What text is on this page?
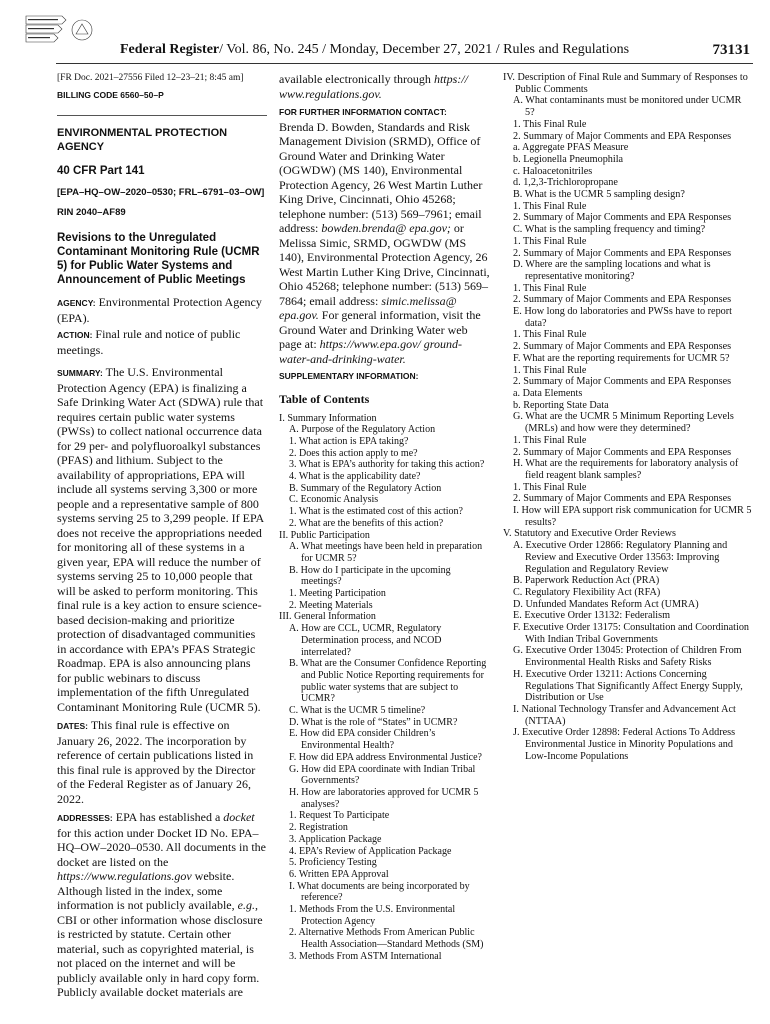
Federal Register/ Vol. 86, No. 245 / Monday, December 27, 2021 / Rules and Regulations	73131

[FR Doc. 2021–27556 Filed 12–23–21; 8:45 am]

BILLING CODE 6560–50–P

ENVIRONMENTAL PROTECTION AGENCY

40 CFR Part 141

[EPA–HQ–OW–2020–0530; FRL–6791–03–OW]

RIN 2040–AF89

Revisions to the Unregulated Contaminant Monitoring Rule (UCMR 5) for Public Water Systems and Announcement of Public Meetings

AGENCY: Environmental Protection Agency (EPA).

ACTION: Final rule and notice of public meetings.

SUMMARY: The U.S. Environmental Protection Agency (EPA) is finalizing a Safe Drinking Water Act (SDWA) rule that requires certain public water systems (PWSs) to collect national occurrence data for 29 per- and polyfluoroalkyl substances (PFAS) and lithium. Subject to the availability of appropriations, EPA will include all systems serving 3,300 or more people and a representative sample of 800 systems serving 25 to 3,299 people. If EPA does not receive the appropriations needed for monitoring all of these systems in a given year, EPA will reduce the number of systems serving 25 to 10,000 people that will be asked to perform monitoring. This final rule is a key action to ensure science-based decision-making and prioritize protection of disadvantaged communities in accordance with EPA’s PFAS Strategic Roadmap. EPA is also announcing plans for public webinars to discuss implementation of the fifth Unregulated Contaminant Monitoring Rule (UCMR 5).

DATES: This final rule is effective on January 26, 2022. The incorporation by reference of certain publications listed in this final rule is approved by the Director of the Federal Register as of January 26, 2022.

ADDRESSES: EPA has established a docket for this action under Docket ID No. EPA–HQ–OW–2020–0530. All documents in the docket are listed on the https://www.regulations.gov website. Although listed in the index, some information is not publicly available, e.g., CBI or other information whose disclosure is restricted by statute. Certain other material, such as copyrighted material, is not placed on the internet and will be publicly available only in hard copy form. Publicly available docket materials are

available electronically through https:// www.regulations.gov.

FOR FURTHER INFORMATION CONTACT:
Brenda D. Bowden, Standards and Risk Management Division (SRMD), Office of Ground Water and Drinking Water (OGWDW) (MS 140), Environmental Protection Agency, 26 West Martin Luther King Drive, Cincinnati, Ohio 45268; telephone number: (513) 569–7961; email address: bowden.brenda@ epa.gov; or Melissa Simic, SRMD, OGWDW (MS 140), Environmental Protection Agency, 26 West Martin Luther King Drive, Cincinnati, Ohio 45268; telephone number: (513) 569–7864; email address: simic.melissa@ epa.gov. For general information, visit the Ground Water and Drinking Water web page at: https://www.epa.gov/ ground-water-and-drinking-water.

SUPPLEMENTARY INFORMATION:

Table of Contents

I. Summary Information
A. Purpose of the Regulatory Action
1. What action is EPA taking?
2. Does this action apply to me?
3. What is EPA’s authority for taking this action?
4. What is the applicability date?
B. Summary of the Regulatory Action
C. Economic Analysis
1. What is the estimated cost of this action?
2. What are the benefits of this action?
II. Public Participation
A. What meetings have been held in preparation for UCMR 5?
B. How do I participate in the upcoming meetings?
1. Meeting Participation
2. Meeting Materials
III. General Information
A. How are CCL, UCMR, Regulatory Determination process, and NCOD interrelated?
B. What are the Consumer Confidence Reporting and Public Notice Reporting requirements for public water systems that are subject to UCMR?
C. What is the UCMR 5 timeline?
D. What is the role of “States” in UCMR?
E. How did EPA consider Children’s Environmental Health?
F. How did EPA address Environmental Justice?
G. How did EPA coordinate with Indian Tribal Governments?
H. How are laboratories approved for UCMR 5 analyses?
1. Request To Participate
2. Registration
3. Application Package
4. EPA’s Review of Application Package
5. Proficiency Testing
6. Written EPA Approval
I. What documents are being incorporated by reference?
1. Methods From the U.S. Environmental Protection Agency
2. Alternative Methods From American Public Health Association—Standard Methods (SM)
3. Methods From ASTM International
IV. Description of Final Rule and Summary of Responses to Public Comments
A. What contaminants must be monitored under UCMR 5?
1. This Final Rule
2. Summary of Major Comments and EPA Responses
a. Aggregate PFAS Measure
b. Legionella Pneumophila
c. Haloacetonitriles
d. 1,2,3-Trichloropropane
B. What is the UCMR 5 sampling design?
1. This Final Rule
2. Summary of Major Comments and EPA Responses
C. What is the sampling frequency and timing?
1. This Final Rule
2. Summary of Major Comments and EPA Responses
D. Where are the sampling locations and what is representative monitoring?
1. This Final Rule
2. Summary of Major Comments and EPA Responses
E. How long do laboratories and PWSs have to report data?
1. This Final Rule
2. Summary of Major Comments and EPA Responses
F. What are the reporting requirements for UCMR 5?
1. This Final Rule
2. Summary of Major Comments and EPA Responses
a. Data Elements
b. Reporting State Data
G. What are the UCMR 5 Minimum Reporting Levels (MRLs) and how were they determined?
1. This Final Rule
2. Summary of Major Comments and EPA Responses
H. What are the requirements for laboratory analysis of field reagent blank samples?
1. This Final Rule
2. Summary of Major Comments and EPA Responses
I. How will EPA support risk communication for UCMR 5 results?
V. Statutory and Executive Order Reviews
A. Executive Order 12866: Regulatory Planning and Review and Executive Order 13563: Improving Regulation and Regulatory Review
B. Paperwork Reduction Act (PRA)
C. Regulatory Flexibility Act (RFA)
D. Unfunded Mandates Reform Act (UMRA)
E. Executive Order 13132: Federalism
F. Executive Order 13175: Consultation and Coordination With Indian Tribal Governments
G. Executive Order 13045: Protection of Children From Environmental Health Risks and Safety Risks
H. Executive Order 13211: Actions Concerning Regulations That Significantly Affect Energy Supply, Distribution or Use
I. National Technology Transfer and Advancement Act (NTTAA)
J. Executive Order 12898: Federal Actions To Address Environmental Justice in Minority Populations and Low-Income Populations
